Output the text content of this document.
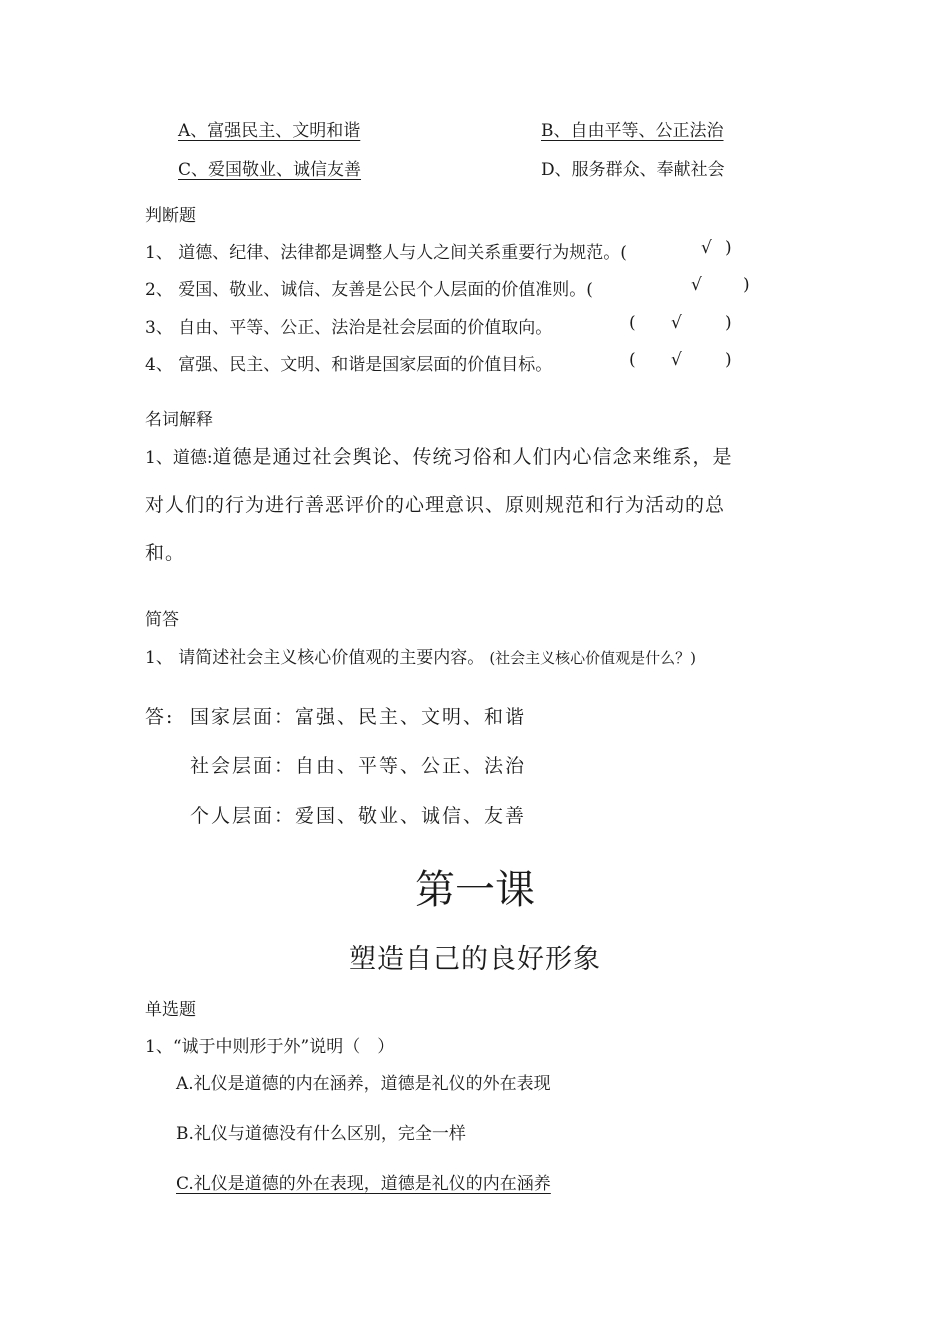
A、富强民主、文明和谐	B、自由平等、公正法治
C、爱国敬业、诚信友善	D、服务群众、奉献社会
判断题
1、 道德、纪律、法律都是调整人与人之间关系重要行为规范。(	√ )
2、 爱国、敬业、诚信、友善是公民个人层面的价值准则。(	√ )
3、 自由、平等、公正、法治是社会层面的价值取向。	( √	)
4、 富强、民主、文明、和谐是国家层面的价值目标。	( √	)
名词解释
1、道德:道德是通过社会舆论、传统习俗和人们内心信念来维系，是
对人们的行为进行善恶评价的心理意识、原则规范和行为活动的总
和。
简答
1、 请简述社会主义核心价值观的主要内容。 (社会主义核心价值观是什么？)
答: 国家层面：富强、民主、文明、和谐
社会层面：自由、平等、公正、法治
个人层面：爱国、敬业、诚信、友善
第一课
塑造自己的良好形象
单选题
1、“诚于中则形于外”说明（　）
A.礼仪是道德的内在涵养，道德是礼仪的外在表现
B.礼仪与道德没有什么区别，完全一样
C.礼仪是道德的外在表现，道德是礼仪的内在涵养
